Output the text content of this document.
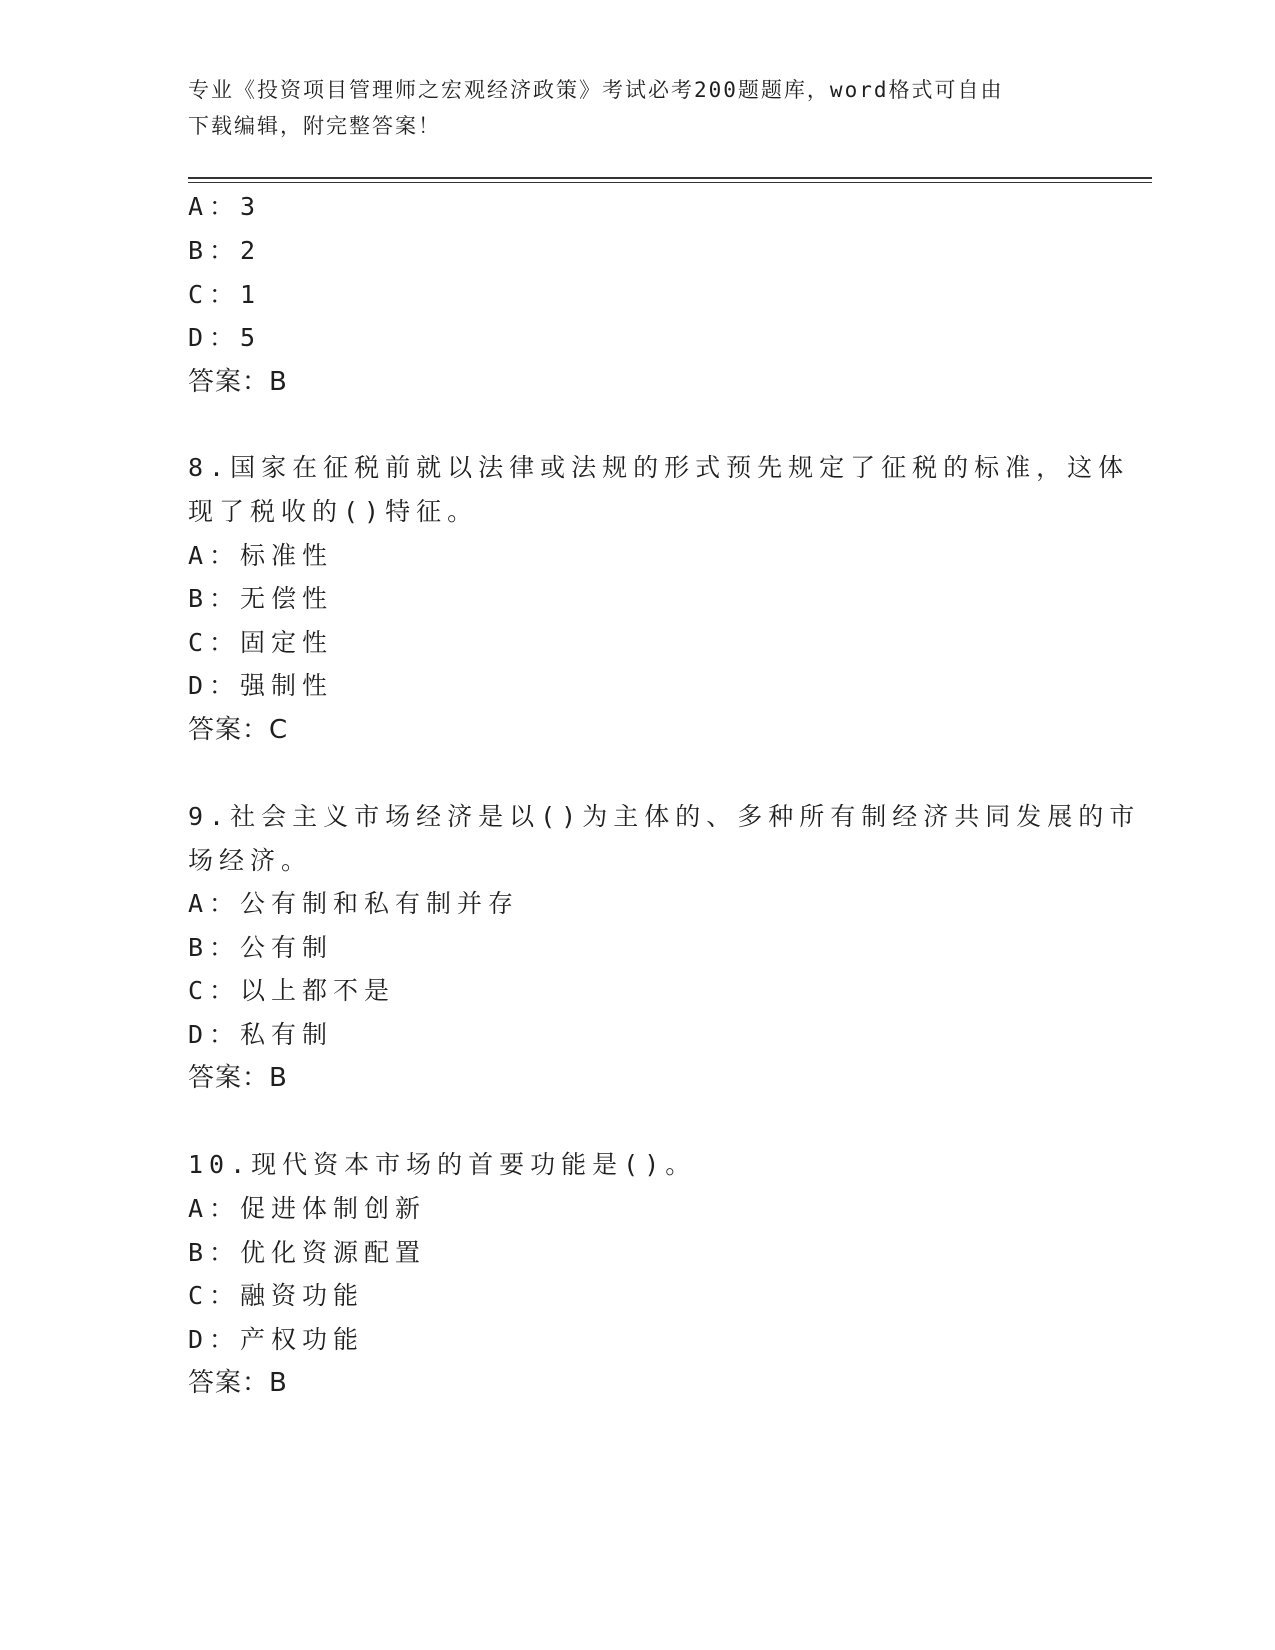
专业《投资项目管理师之宏观经济政策》考试必考200题题库，word格式可自由
下载编辑，附完整答案！
A：3
B：2
C：1
D：5
答案：B
8.国家在征税前就以法律或法规的形式预先规定了征税的标准，这体
现了税收的()特征。
A：标准性
B：无偿性
C：固定性
D：强制性
答案：C
9.社会主义市场经济是以()为主体的、多种所有制经济共同发展的市
场经济。
A：公有制和私有制并存
B：公有制
C：以上都不是
D：私有制
答案：B
10.现代资本市场的首要功能是()。
A：促进体制创新
B：优化资源配置
C：融资功能
D：产权功能
答案：B
